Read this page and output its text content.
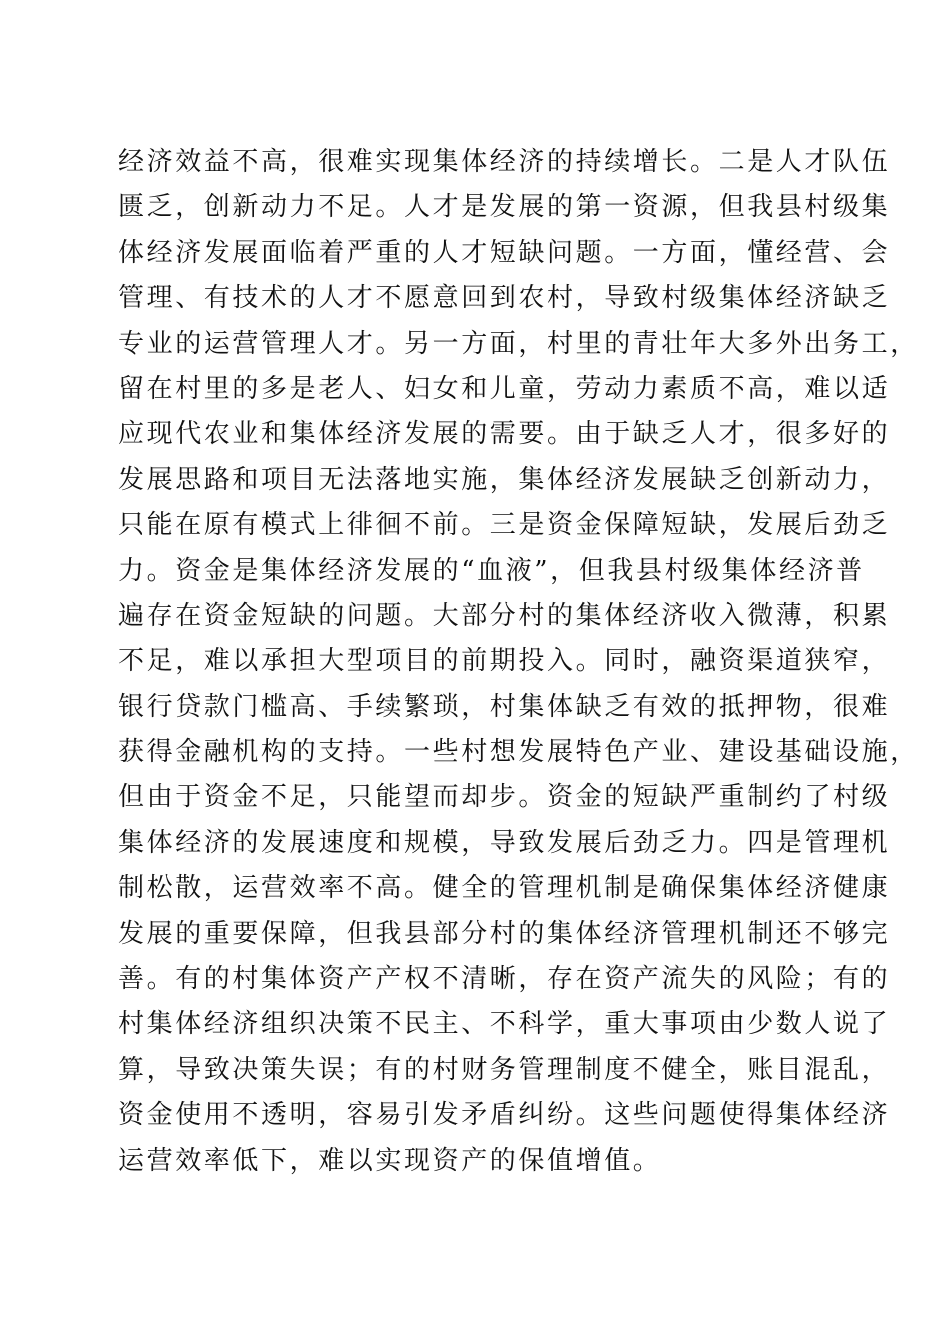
经济效益不高，很难实现集体经济的持续增长。二是人才队伍
匮乏，创新动力不足。人才是发展的第一资源，但我县村级集
体经济发展面临着严重的人才短缺问题。一方面，懂经营、会
管理、有技术的人才不愿意回到农村，导致村级集体经济缺乏
专业的运营管理人才。另一方面，村里的青壮年大多外出务工，
留在村里的多是老人、妇女和儿童，劳动力素质不高，难以适
应现代农业和集体经济发展的需要。由于缺乏人才，很多好的
发展思路和项目无法落地实施，集体经济发展缺乏创新动力，
只能在原有模式上徘徊不前。三是资金保障短缺，发展后劲乏
力。资金是集体经济发展的“血液”，但我县村级集体经济普
遍存在资金短缺的问题。大部分村的集体经济收入微薄，积累
不足，难以承担大型项目的前期投入。同时，融资渠道狭窄，
银行贷款门槛高、手续繁琐，村集体缺乏有效的抵押物，很难
获得金融机构的支持。一些村想发展特色产业、建设基础设施，
但由于资金不足，只能望而却步。资金的短缺严重制约了村级
集体经济的发展速度和规模，导致发展后劲乏力。四是管理机
制松散，运营效率不高。健全的管理机制是确保集体经济健康
发展的重要保障，但我县部分村的集体经济管理机制还不够完
善。有的村集体资产产权不清晰，存在资产流失的风险；有的
村集体经济组织决策不民主、不科学，重大事项由少数人说了
算，导致决策失误；有的村财务管理制度不健全，账目混乱，
资金使用不透明，容易引发矛盾纠纷。这些问题使得集体经济
运营效率低下，难以实现资产的保值增值。
